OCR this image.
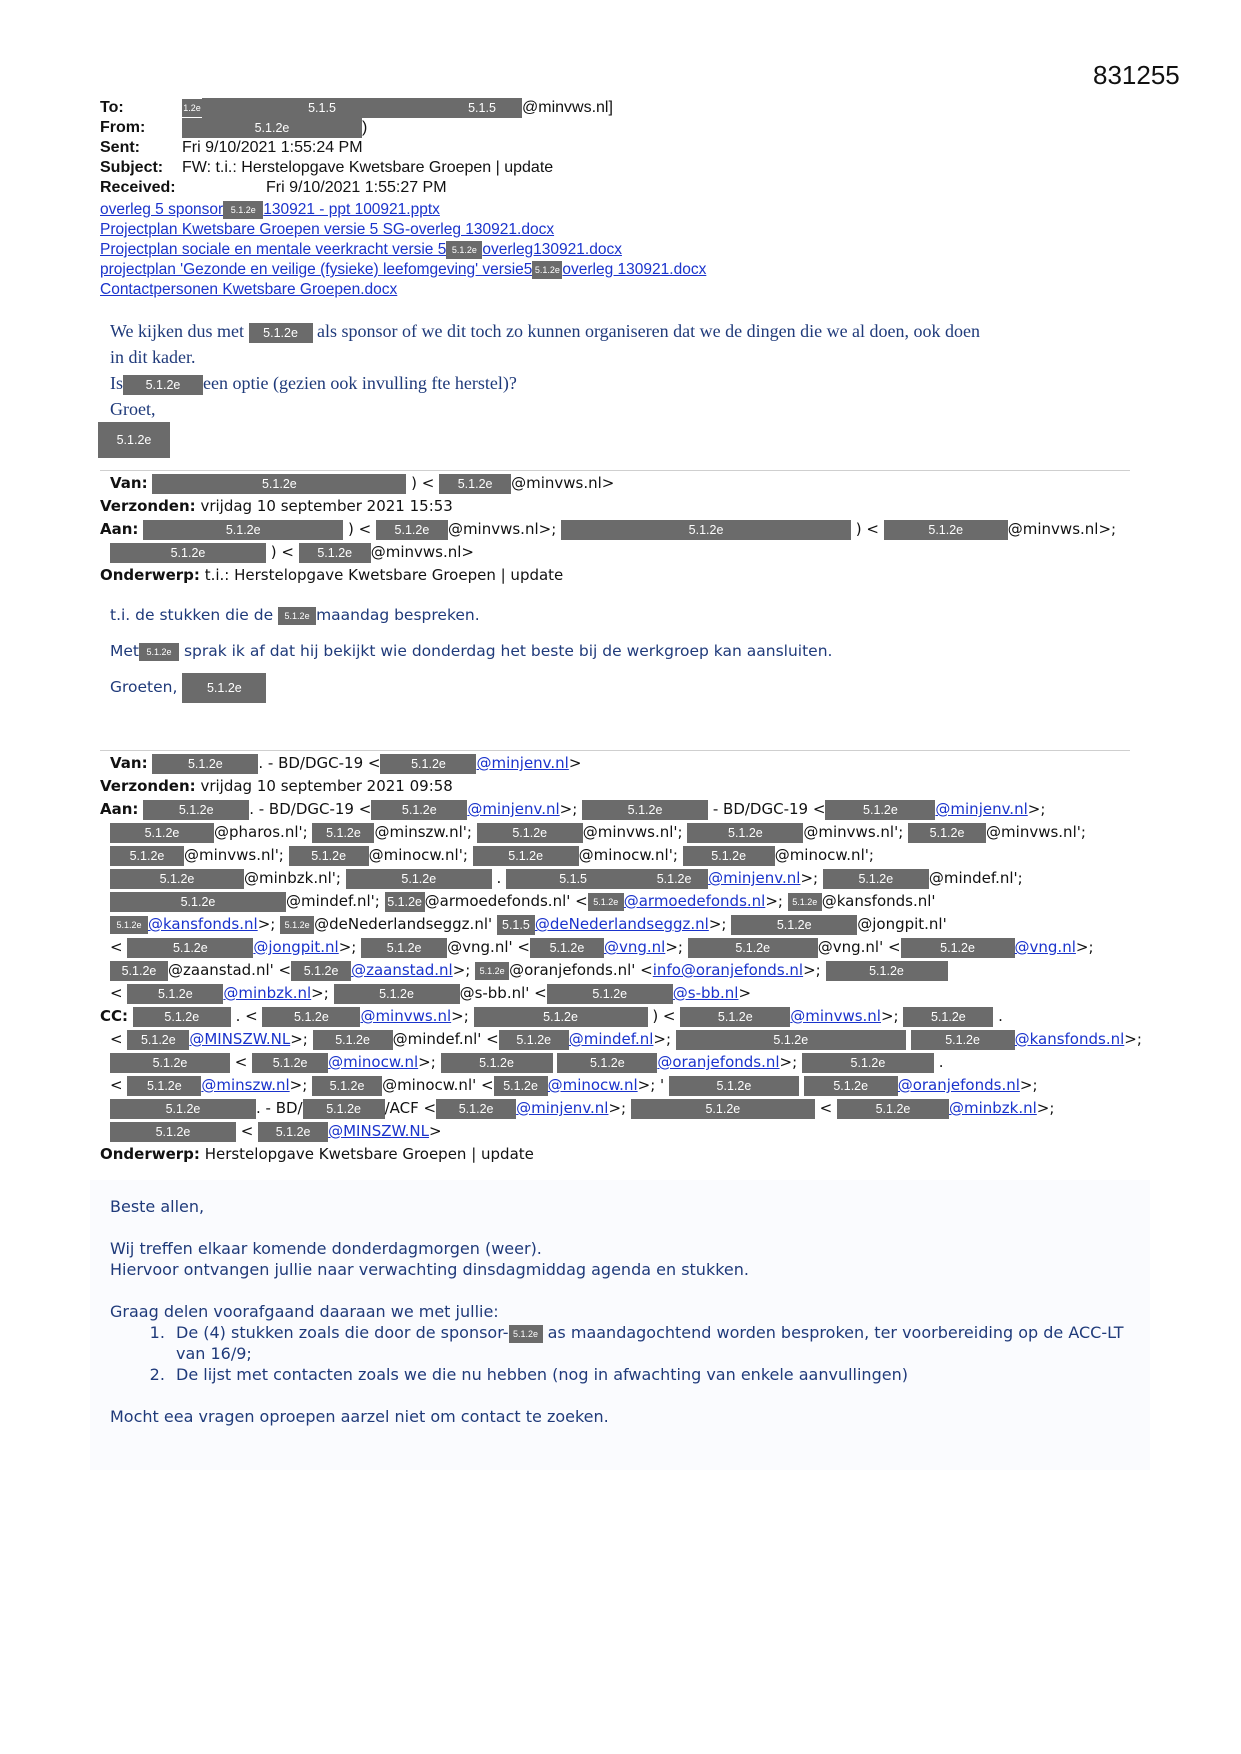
831255
To:	1.2e	5.1.5	5.1.5 @minvws.nl]
From:	5.1.2e	)
Sent:	Fri 9/10/2021 1:55:24 PM
Subject: FW: t.i.: Herstelopgave Kwetsbare Groepen | update
Received:	Fri 9/10/2021 1:55:27 PM
overleg 5 sponsor 5.1.2e 130921 - ppt 100921.pptx
Projectplan Kwetsbare Groepen versie 5 SG-overleg 130921.docx
Projectplan sociale en mentale veerkracht versie 5 5.1.2e overleg130921.docx
projectplan 'Gezonde en veilige (fysieke) leefomgeving' versie5 5.1.2e overleg 130921.docx
Contactpersonen Kwetsbare Groepen.docx

We kijken dus met 5.1.2e als sponsor of we dit toch zo kunnen organiseren dat we de dingen die we al doen, ook doen

in dit kader.

Is 5.1.2e een optie (gezien ook invulling fte herstel)?

Groet,

5.1.2e

Van:	5.1.2e	) < 5.1.2e @minvws.nl>
Verzonden: vrijdag 10 september 2021 15:53
Aan:	5.1.2e	) < 5.1.2e @minvws.nl>;	5.1.2e	) <	5.1.2e	@minvws.nl>;
5.1.2e	) < 5.1.2e @minvws.nl>
Onderwerp: t.i.: Herstelopgave Kwetsbare Groepen | update
t.i. de stukken die de 5.1.2e maandag bespreken.
Met 5.1.2e sprak ik af dat hij bekijkt wie donderdag het beste bij de werkgroep kan aansluiten.
Groeten, 5.1.2e
Van:	5.1.2e . - BD/DGC-19 < 5.1.2e @minjenv.nl>
Verzonden: vrijdag 10 september 2021 09:58
Aan:	5.1.2e . - BD/DGC-19 < 5.1.2e @minjenv.nl>;	5.1.2e	- BD/DGC-19 <	5.1.2e	@minjenv.nl>;
5.1.2e @pharos.nl'; 5.1.2e @minszw.nl';	5.1.2e @minvws.nl';	5.1.2e	@minvws.nl'; 5.1.2e @minvws.nl';
5.1.2e @minvws.nl'; 5.1.2e @minocw.nl';	5.1.2e @minocw.nl';	5.1.2e @minocw.nl';
5.1.2e	@minbzk.nl';	5.1.2e	.	5.1.5	5.1.2e @minjenv.nl>;	5.1.2e @mindef.nl';
5.1.2e	@mindef.nl'; 5.1.2e @armoedefonds.nl' < 5.1.2e @armoedefonds.nl>; 5.1.2e @kansfonds.nl'
5.1.2e @kansfonds.nl>; 5.1.2e @deNederlandseggz.nl' 5.1.5 @deNederlandseggz.nl>;	5.1.2e	@jongpit.nl'
<	5.1.2e	@jongpit.nl>; 5.1.2e @vng.nl' < 5.1.2e @vng.nl>;	5.1.2e	@vng.nl' <	5.1.2e	@vng.nl>;
5.1.2e @zaanstad.nl' < 5.1.2e @zaanstad.nl>; 5.1.2e @oranjefonds.nl' <info@oranjefonds.nl>;	5.1.2e
< 5.1.2e @minbzk.nl>;	5.1.2e	@s-bb.nl' <	5.1.2e	@s-bb.nl>
CC:	5.1.2e . <	5.1.2e @minvws.nl>;	5.1.2e	) <	5.1.2e	@minvws.nl>;	5.1.2e .
< 5.1.2e @MINSZW.NL>; 5.1.2e @mindef.nl' < 5.1.2e @mindef.nl>;	5.1.2e	5.1.2e @kansfonds.nl>;
5.1.2e	< 5.1.2e @minocw.nl>;	5.1.2e	5.1.2e @oranjefonds.nl>;	5.1.2e	.
< 5.1.2e @minszw.nl>; 5.1.2e @minocw.nl' < 5.1.2e @minocw.nl>; '	5.1.2e	5.1.2e @oranjefonds.nl>;
5.1.2e	. - BD/ 5.1.2e /ACF < 5.1.2e @minjenv.nl>;	5.1.2e	<	5.1.2e	@minbzk.nl>;
5.1.2e	< 5.1.2e @MINSZW.NL>
Onderwerp: Herstelopgave Kwetsbare Groepen | update

Beste allen,

Wij treffen elkaar komende donderdagmorgen (weer).

Hiervoor ontvangen jullie naar verwachting dinsdagmiddag agenda en stukken.

Graag delen voorafgaand daaraan we met jullie:

1. De (4) stukken zoals die door de sponsor- 5.1.2e as maandagochtend worden besproken, ter voorbereiding op de ACC-LT van 16/9;
2. De lijst met contacten zoals we die nu hebben (nog in afwachting van enkele aanvullingen)

Mocht eea vragen oproepen aarzel niet om contact te zoeken.
